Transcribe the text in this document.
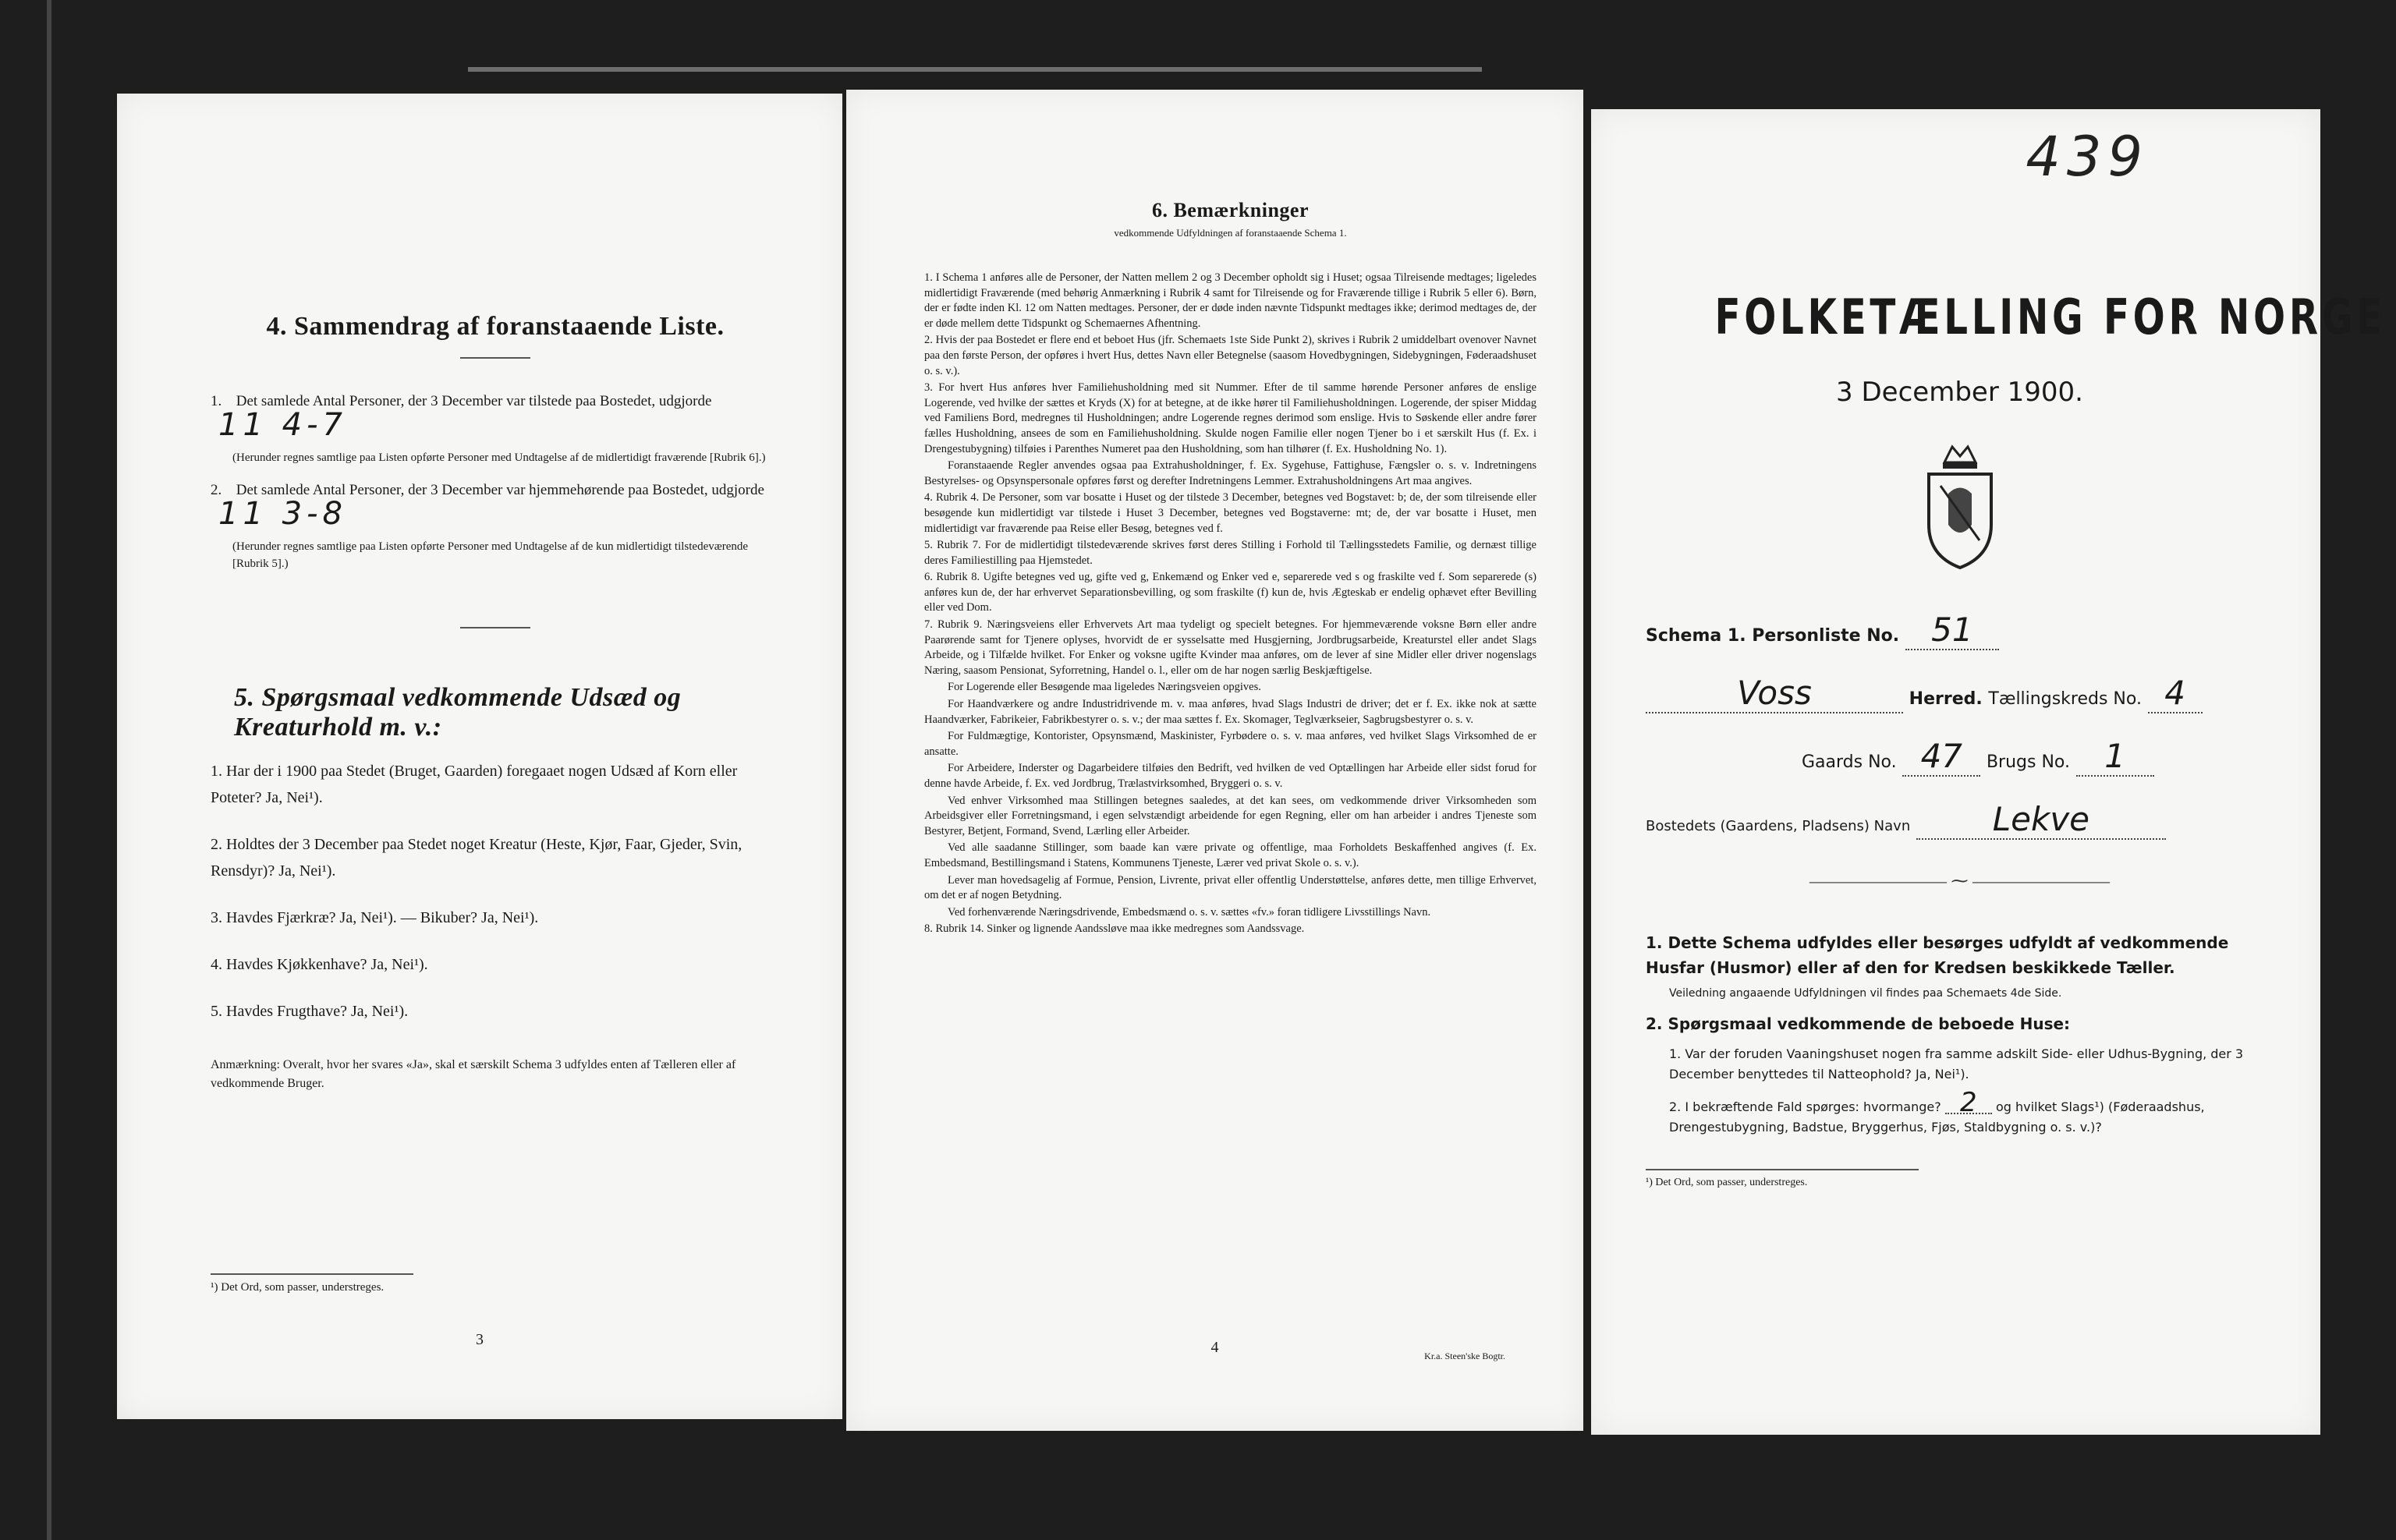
4. Sammendrag af foranstaaende Liste.
1. Det samlede Antal Personer, der 3 December var tilstede paa Bostedet, udgjorde 11 4-7
(Herunder regnes samtlige paa Listen opførte Personer med Undtagelse af de midlertidigt fraværende [Rubrik 6].)
2. Det samlede Antal Personer, der 3 December var hjemmehørende paa Bostedet, udgjorde 11 3-8
(Herunder regnes samtlige paa Listen opførte Personer med Undtagelse af de kun midlertidigt tilstedeværende [Rubrik 5].)
5. Spørgsmaal vedkommende Udsæd og Kreaturhold m. v.:
1. Har der i 1900 paa Stedet (Bruget, Gaarden) foregaaet nogen Udsæd af Korn eller Poteter? Ja, Nei¹).
2. Holdtes der 3 December paa Stedet noget Kreatur (Heste, Kjør, Faar, Gjeder, Svin, Rensdyr)? Ja, Nei¹).
3. Havdes Fjærkræ? Ja, Nei¹). — Bikuber? Ja, Nei¹).
4. Havdes Kjøkkenhave? Ja, Nei¹).
5. Havdes Frugthave? Ja, Nei¹).
Anmærkning: Overalt, hvor her svares «Ja», skal et særskilt Schema 3 udfyldes enten af Tælleren eller af vedkommende Bruger.
¹) Det Ord, som passer, understreges.
3
6. Bemærkninger
vedkommende Udfyldningen af foranstaaende Schema 1.
1. I Schema 1 anføres alle de Personer, der Natten mellem 2 og 3 December opholdt sig i Huset; ogsaa Tilreisende medtages; ligeledes midlertidigt Fraværende (med behørig Anmærkning i Rubrik 4 samt for Tilreisende og for Fraværende tillige i Rubrik 5 eller 6). Børn, der er fødte inden Kl. 12 om Natten medtages. Personer, der er døde inden nævnte Tidspunkt medtages ikke; derimod medtages de, der er døde mellem dette Tidspunkt og Schemaernes Afhentning.
2. Hvis der paa Bostedet er flere end et beboet Hus (jfr. Schemaets 1ste Side Punkt 2), skrives i Rubrik 2 umiddelbart ovenover Navnet paa den første Person, der opføres i hvert Hus, dettes Navn eller Betegnelse (saasom Hovedbygningen, Sidebygningen, Føderaadshuset o. s. v.).
3. For hvert Hus anføres hver Familiehusholdning med sit Nummer. Efter de til samme hørende Personer anføres de enslige Logerende, ved hvilke der sættes et Kryds (X) for at betegne, at de ikke hører til Familiehusholdningen. Logerende, der spiser Middag ved Familiens Bord, medregnes til Husholdningen; andre Logerende regnes derimod som enslige. Hvis to Søskende eller andre fører fælles Husholdning, ansees de som en Familiehusholdning. Skulde nogen Familie eller nogen Tjener bo i et særskilt Hus (f. Ex. i Drengestubygning) tilføies i Parenthes Numeret paa den Husholdning, som han tilhører (f. Ex. Husholdning No. 1).
Foranstaaende Regler anvendes ogsaa paa Extrahusholdninger, f. Ex. Sygehuse, Fattighuse, Fængsler o. s. v. Indretningens Bestyrelses- og Opsynspersonale opføres først og derefter Indretningens Lemmer. Extrahusholdningens Art maa angives.
4. Rubrik 4. De Personer, som var bosatte i Huset og der tilstede 3 December, betegnes ved Bogstavet: b; de, der som tilreisende eller besøgende kun midlertidigt var tilstede i Huset 3 December, betegnes ved Bogstaverne: mt; de, der var bosatte i Huset, men midlertidigt var fraværende paa Reise eller Besøg, betegnes ved f.
5. Rubrik 7. For de midlertidigt tilstedeværende skrives først deres Stilling i Forhold til Tællingsstedets Familie, og dernæst tillige deres Familiestilling paa Hjemstedet.
6. Rubrik 8. Ugifte betegnes ved ug, gifte ved g, Enkemænd og Enker ved e, separerede ved s og fraskilte ved f. Som separerede (s) anføres kun de, der har erhvervet Separationsbevilling, og som fraskilte (f) kun de, hvis Ægteskab er endelig ophævet efter Bevilling eller ved Dom.
7. Rubrik 9. Næringsveiens eller Erhvervets Art maa tydeligt og specielt betegnes. For hjemmeværende voksne Børn eller andre Paarørende samt for Tjenere oplyses, hvorvidt de er sysselsatte med Husgjerning, Jordbrugsarbeide, Kreaturstel eller andet Slags Arbeide, og i Tilfælde hvilket. For Enker og voksne ugifte Kvinder maa anføres, om de lever af sine Midler eller driver nogenslags Næring, saasom Pensionat, Syforretning, Handel o. l., eller om de har nogen særlig Beskjæftigelse.
For Logerende eller Besøgende maa ligeledes Næringsveien opgives.
For Haandværkere og andre Industridrivende m. v. maa anføres, hvad Slags Industri de driver; det er f. Ex. ikke nok at sætte Haandværker, Fabrikeier, Fabrikbestyrer o. s. v.; der maa sættes f. Ex. Skomager, Teglværkseier, Sagbrugsbestyrer o. s. v.
For Fuldmægtige, Kontorister, Opsynsmænd, Maskinister, Fyrbødere o. s. v. maa anføres, ved hvilket Slags Virksomhed de er ansatte.
For Arbeidere, Inderster og Dagarbeidere tilføies den Bedrift, ved hvilken de ved Optællingen har Arbeide eller sidst forud for denne havde Arbeide, f. Ex. ved Jordbrug, Trælastvirksomhed, Bryggeri o. s. v.
Ved enhver Virksomhed maa Stillingen betegnes saaledes, at det kan sees, om vedkommende driver Virksomheden som Arbeidsgiver eller Forretningsmand, i egen selvstændigt arbeidende for egen Regning, eller om han arbeider i andres Tjeneste som Bestyrer, Betjent, Formand, Svend, Lærling eller Arbeider.
Ved alle saadanne Stillinger, som baade kan være private og offentlige, maa Forholdets Beskaffenhed angives (f. Ex. Embedsmand, Bestillingsmand i Statens, Kommunens Tjeneste, Lærer ved privat Skole o. s. v.).
Lever man hovedsagelig af Formue, Pension, Livrente, privat eller offentlig Understøttelse, anføres dette, men tillige Erhvervet, om det er af nogen Betydning.
Ved forhenværende Næringsdrivende, Embedsmænd o. s. v. sættes «fv.» foran tidligere Livsstillings Navn.
8. Rubrik 14. Sinker og lignende Aandssløve maa ikke medregnes som Aandssvage.
4	Kr.a. Steen'ske Bogtr.
439
FOLKETÆLLING FOR NORGE
3 December 1900.
Schema 1. Personliste No. 51
Voss	Herred. Tællingskreds No. 4
Gaards No. 47 Brugs No. 1
Bostedets (Gaardens, Pladsens) Navn	Lekve
———————— ⁓ ————————
1. Dette Schema udfyldes eller besørges udfyldt af vedkommende Husfar (Husmor) eller af den for Kredsen beskikkede Tæller.
Veiledning angaaende Udfyldningen vil findes paa Schemaets 4de Side.
2. Spørgsmaal vedkommende de beboede Huse:
1. Var der foruden Vaaningshuset nogen fra samme adskilt Side- eller Udhus-Bygning, der 3 December benyttedes til Natteophold? Ja, Nei¹).
2. I bekræftende Fald spørges: hvormange? 2 og hvilket Slags¹) (Føderaadshus, Drengestubygning, Badstue, Bryggerhus, Fjøs, Staldbygning o. s. v.)?
¹) Det Ord, som passer, understreges.
